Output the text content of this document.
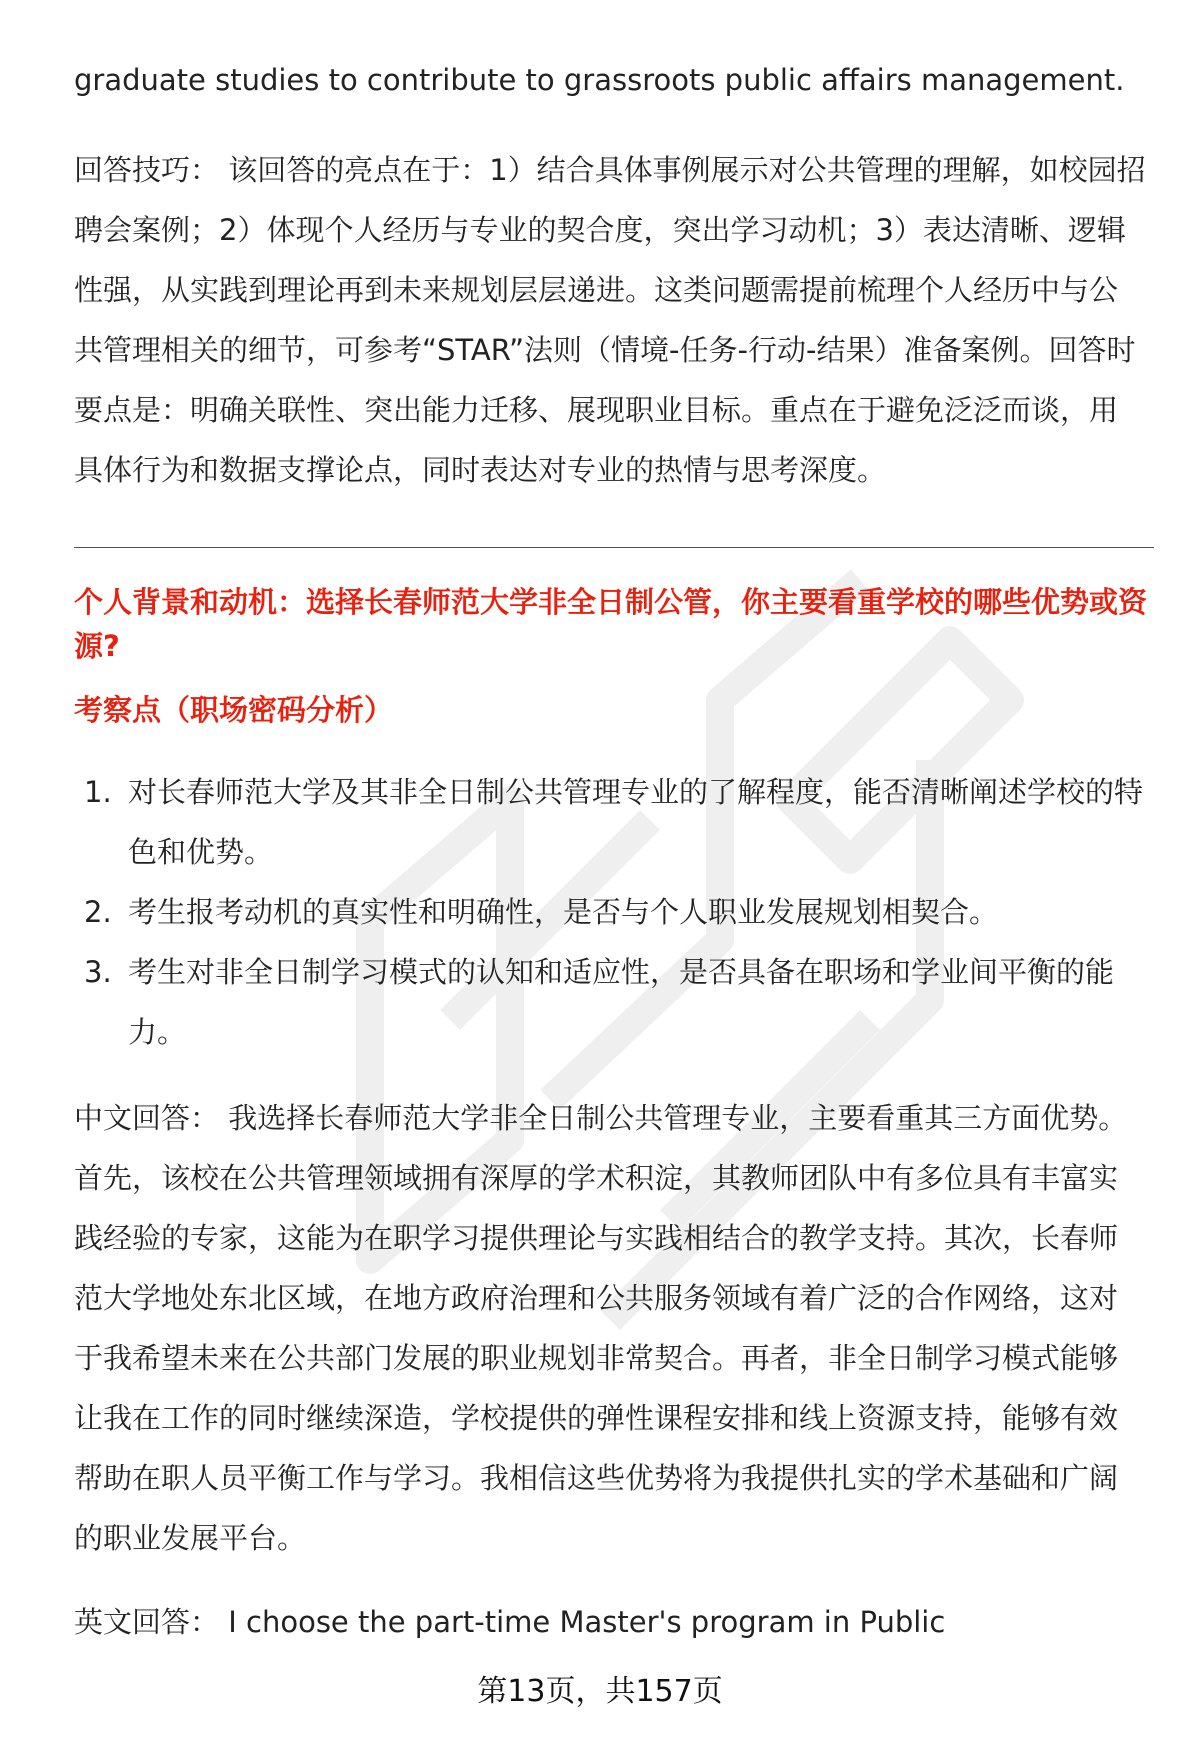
graduate studies to contribute to grassroots public affairs management.

回答技巧： 该回答的亮点在于：1）结合具体事例展示对公共管理的理解，如校园招聘会案例；2）体现个人经历与专业的契合度，突出学习动机；3）表达清晰、逻辑性强，从实践到理论再到未来规划层层递进。这类问题需提前梳理个人经历中与公共管理相关的细节，可参考“STAR”法则（情境-任务-行动-结果）准备案例。回答时要点是：明确关联性、突出能力迁移、展现职业目标。重点在于避免泛泛而谈，用具体行为和数据支撑论点，同时表达对专业的热情与思考深度。

个人背景和动机：选择长春师范大学非全日制公管，你主要看重学校的哪些优势或资源?

考察点（职场密码分析）

1. 对长春师范大学及其非全日制公共管理专业的了解程度，能否清晰阐述学校的特色和优势。
2. 考生报考动机的真实性和明确性，是否与个人职业发展规划相契合。
3. 考生对非全日制学习模式的认知和适应性，是否具备在职场和学业间平衡的能力。

中文回答： 我选择长春师范大学非全日制公共管理专业，主要看重其三方面优势。首先，该校在公共管理领域拥有深厚的学术积淀，其教师团队中有多位具有丰富实践经验的专家，这能为在职学习提供理论与实践相结合的教学支持。其次，长春师范大学地处东北区域，在地方政府治理和公共服务领域有着广泛的合作网络，这对于我希望未来在公共部门发展的职业规划非常契合。再者，非全日制学习模式能够让我在工作的同时继续深造，学校提供的弹性课程安排和线上资源支持，能够有效帮助在职人员平衡工作与学习。我相信这些优势将为我提供扎实的学术基础和广阔的职业发展平台。

英文回答： I choose the part-time Master's program in Public

第13页，共157页
